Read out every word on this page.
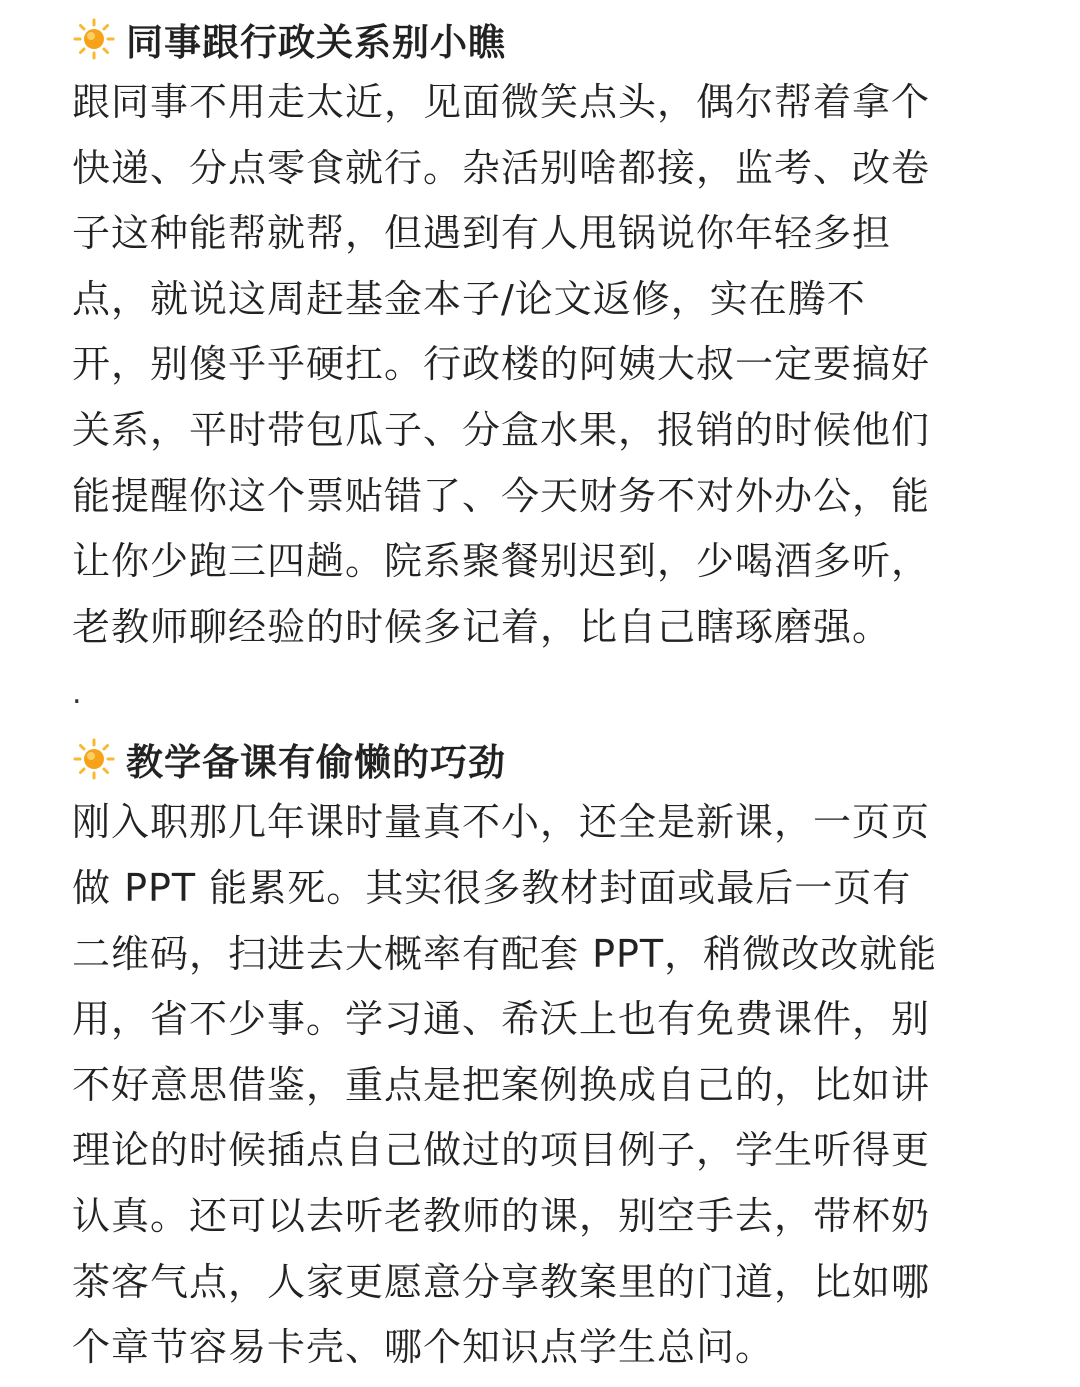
同事跟行政关系别小瞧

跟同事不用走太近，见面微笑点头，偶尔帮着拿个
快递、分点零食就行。杂活别啥都接，监考、改卷
子这种能帮就帮，但遇到有人甩锅说你年轻多担
点，就说这周赶基金本子/论文返修，实在腾不
开，别傻乎乎硬扛。行政楼的阿姨大叔一定要搞好
关系，平时带包瓜子、分盒水果，报销的时候他们
能提醒你这个票贴错了、今天财务不对外办公，能
让你少跑三四趟。院系聚餐别迟到，少喝酒多听，
老教师聊经验的时候多记着，比自己瞎琢磨强。

.
教学备课有偷懒的巧劲

刚入职那几年课时量真不小，还全是新课，一页页
做 PPT 能累死。其实很多教材封面或最后一页有
二维码，扫进去大概率有配套 PPT，稍微改改就能
用，省不少事。学习通、希沃上也有免费课件，别
不好意思借鉴，重点是把案例换成自己的，比如讲
理论的时候插点自己做过的项目例子，学生听得更
认真。还可以去听老教师的课，别空手去，带杯奶
茶客气点，人家更愿意分享教案里的门道，比如哪
个章节容易卡壳、哪个知识点学生总问。
